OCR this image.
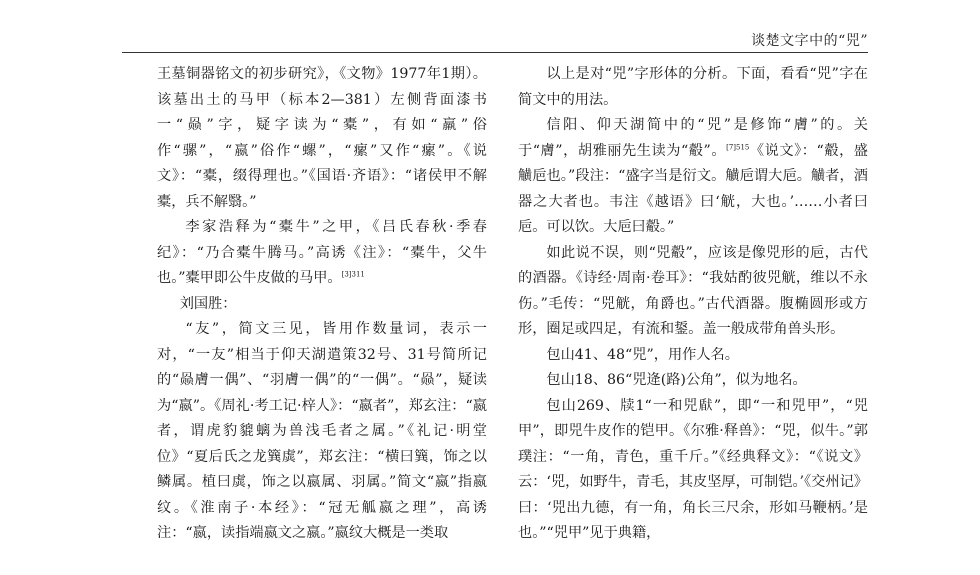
谈楚文字中的“兕”

王墓铜器铭文的初步研究》，《文物》1977年1期）。该墓出土的马甲（标本2—381）左侧背面漆书一“赑”字，疑字读为“橐”，有如“羸”俗作“骡”，“嬴”俗作“螺”，“瘰”又作“瘰”。《说文》：“橐，缀得理也。”《国语·齐语》：“诸侯甲不解橐，兵不解翳。”

李家浩释为“橐牛”之甲，《吕氏春秋·季春纪》：“乃合橐牛腾马。”高诱《注》：“橐牛，父牛也。”橐甲即公牛皮做的马甲。$^{[3]311}$

刘国胜：

“友”，简文三见，皆用作数量词，表示一对，“一友”相当于仰天湖遣策32号、31号简所记的“赑膚一偶”、“羽膚一偶”的“一偶”。“赑”，疑读为“嬴”。《周礼·考工记·梓人》：“嬴者”，郑玄注：“嬴者，谓虎豹貔螭为兽浅毛者之属。”《礼记·明堂位》“夏后氏之龙簨虡”，郑玄注：“横曰簨，饰之以鳞属。植曰虡，饰之以嬴属、羽属。”简文“嬴”指嬴纹。《淮南子·本经》：“冠无觚嬴之理”，高诱注：“嬴，读指端嬴文之嬴。”嬴纹大概是一类取

以上是对“兕”字形体的分析。下面，看看“兕”字在简文中的用法。

信阳、仰天湖简中的“兕”是修饰“膚”的。关于“膚”，胡雅丽先生读为“觳”。$^{[7]515}$《说文》：“觳，盛觵巵也。”段注：“盛字当是衍文。觵巵谓大巵。觵者，酒器之大者也。韦注《越语》曰‘觥，大也。’……小者曰巵。可以饮。大巵曰觳。”

如此说不误，则“兕觳”，应该是像兕形的巵，古代的酒器。《诗经·周南·卷耳》：“我姑酌彼兕觥，维以不永伤。”毛传：“兕觥，角爵也。”古代酒器。腹椭圆形或方形，圈足或四足，有流和鋬。盖一般成带角兽头形。

包山41、48“兕”，用作人名。

包山18、86“兕逄(路)公角”，似为地名。

包山269、牍1“一和兕𤟢”，即“一和兕甲”，“兕甲”，即兕牛皮作的铠甲。《尔雅·释兽》：“兕，似牛。”郭璞注：“一角，青色，重千斤。”《经典释文》：“《说文》云：‘兕，如野牛，青毛，其皮坚厚，可制铠。’《交州记》曰：‘兕出九德，有一角，角长三尺余，形如马鞭柄。’是也。”“兕甲”见于典籍，
